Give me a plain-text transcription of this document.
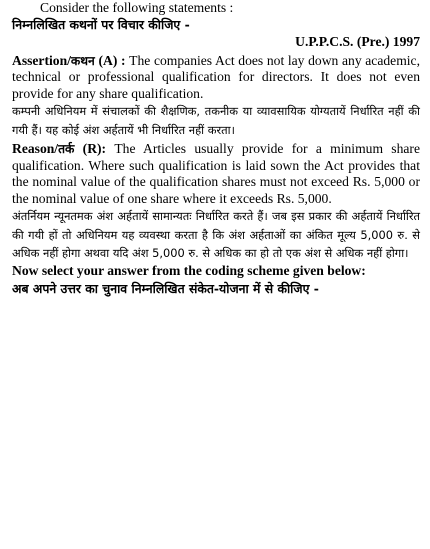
Consider the following statements :

निम्नलिखित कथनों पर विचार कीजिए -

U.P.P.C.S. (Pre.) 1997

Assertion/कथन (A) : The companies Act does not lay down any academic, technical or professional qualification for directors. It does not even provide for any share qualification.

कम्पनी अधिनियम में संचालकों की शैक्षणिक, तकनीक या व्यावसायिक योग्यतायें निर्धारित नहीं की गयी हैं। यह कोई अंश अर्हतायें भी निर्धारित नहीं करता।

Reason/तर्क (R): The Articles usually provide for a minimum share qualification. Where such qualification is laid sown the Act provides that the nominal value of the qualification shares must not exceed Rs. 5,000 or the nominal value of one share where it exceeds Rs. 5,000.

अंतर्नियम न्यूनतमक अंश अर्हतायें सामान्यतः निर्धारित करते हैं। जब इस प्रकार की अर्हतायें निर्धारित की गयी हों तो अधिनियम यह व्यवस्था करता है कि अंश अर्हताओं का अंकित मूल्य 5,000 रु. से अधिक नहीं होगा अथवा यदि अंश 5,000 रु. से अधिक का हो तो एक अंश से अधिक नहीं होगा।

Now select your answer from the coding scheme given below:

अब अपने उत्तर का चुनाव निम्नलिखित संकेत-योजना में से कीजिए -
